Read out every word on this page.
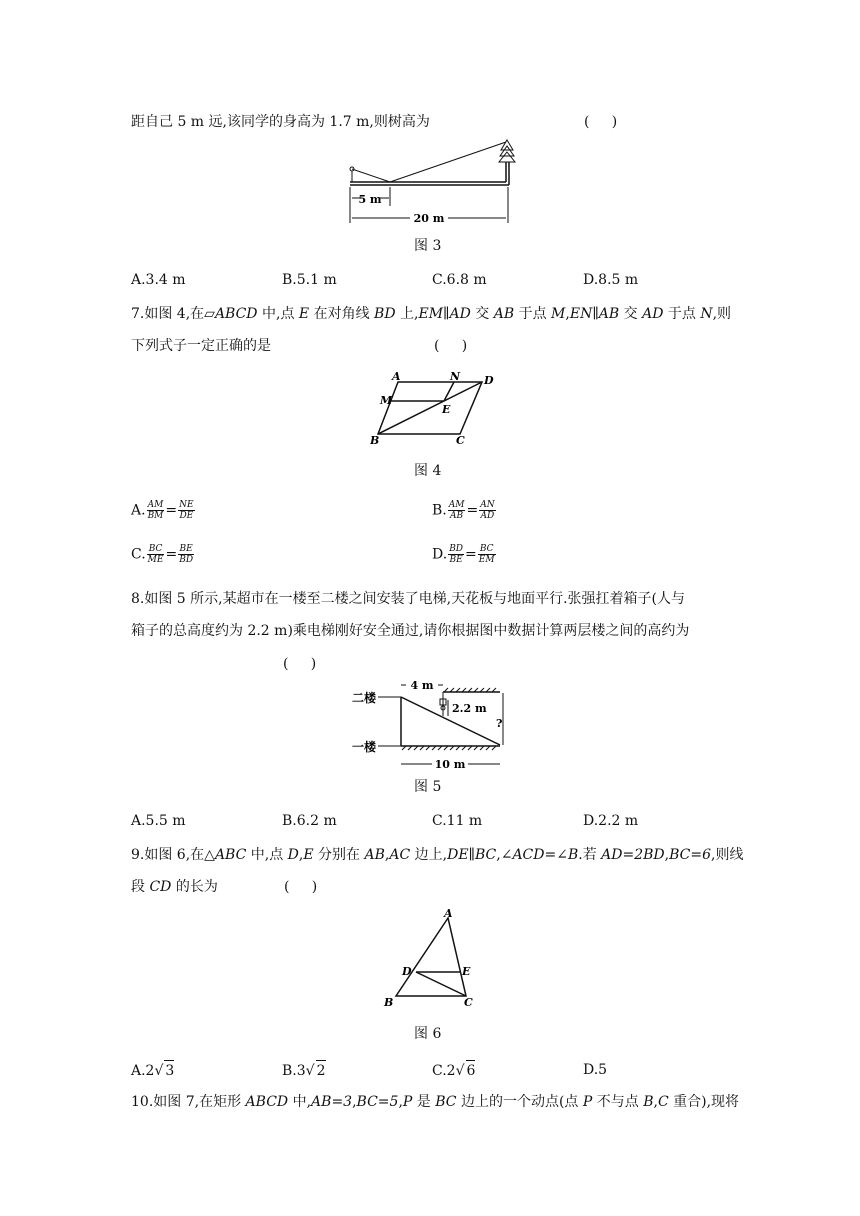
距自己 5 m 远,该同学的身高为 1.7 m,则树高为	(     )
5 m
20 m
图 3
A.3.4 m	B.5.1 m	C.6.8 m	D.8.5 m
7.如图 4,在▱ABCD 中,点 E 在对角线 BD 上,EM∥AD 交 AB 于点 M,EN∥AB 交 AD 于点 N,则
下列式子一定正确的是	(     )
A	N D
M
E
B	C
图 4
A. $\frac{AM}{BM} = \frac{NE}{DE}$	B. $\frac{AM}{AB} = \frac{AN}{AD}$
C. $\frac{BC}{ME} = \frac{BE}{BD}$	D. $\frac{BD}{BE} = \frac{BC}{EM}$
8.如图 5 所示,某超市在一楼至二楼之间安装了电梯,天花板与地面平行.张强扛着箱子(人与
箱子的总高度约为 2.2 m)乘电梯刚好安全通过,请你根据图中数据计算两层楼之间的高约为
(     )
二楼
一楼
4 m
2.2 m
?
10 m
图 5
A.5.5 m	B.6.2 m	C.11 m	D.2.2 m
9.如图 6,在△ABC 中,点 D,E 分别在 AB,AC 边上,DE∥BC,∠ACD=∠B.若 AD=2BD,BC=6,则线
段 CD 的长为	(     )
A
D	E
B	C
图 6
A.2√ 3	B.3√ 2	C.2√ 6	D.5
10.如图 7,在矩形 ABCD 中,AB=3,BC=5,P 是 BC 边上的一个动点(点 P 不与点 B,C 重合),现将
